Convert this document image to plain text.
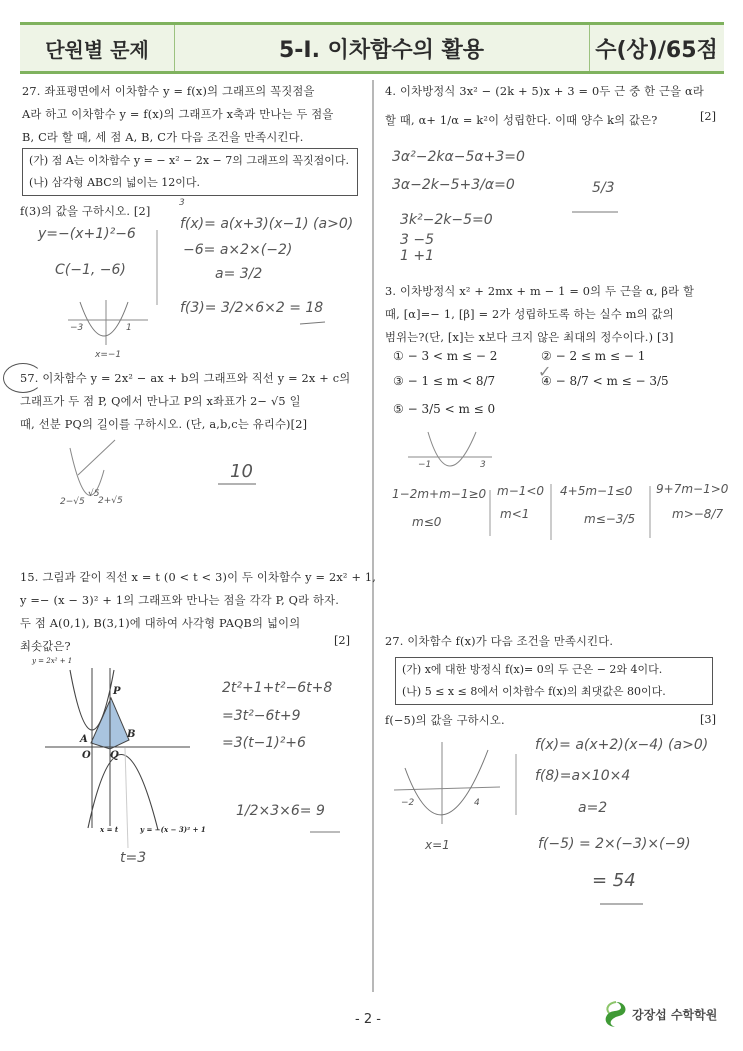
단원별 문제	5-I. 이차함수의 활용	수(상)/65점

27. 좌표평면에서 이차함수 y = f(x)의 그래프의 꼭짓점을

A라 하고 이차함수 y = f(x)의 그래프가 x축과 만나는 두 점을

B, C라 할 때, 세 점 A, B, C가 다음 조건을 만족시킨다.

(가) 점 A는 이차함수 y = − x² − 2x − 7의 그래프의 꼭짓점이다.

(나) 삼각형 ABC의 넓이는 12이다.

f(3)의 값을 구하시오. [2]

3
y=−(x+1)²−6
C(−1, −6)
f(x)= a(x+3)(x−1) (a>0)
−6= a×2×(−2)
a= 3/2
f(3)= 3/2×6×2 = 18
−3	1
x=−1

57. 이차함수 y = 2x² − ax + b의 그래프와 직선 y = 2x + c의

그래프가 두 점 P, Q에서 만나고 P의 x좌표가 2− √5 일

때, 선분 PQ의 길이를 구하시오. (단, a,b,c는 유리수)[2]

2−√5
√5
2+√5
10

15. 그림과 같이 직선 x = t (0 < t < 3)이 두 이차함수 y = 2x² + 1,

y =− (x − 3)² + 1의 그래프와 만나는 점을 각각 P, Q라 하자.

두 점 A(0,1), B(3,1)에 대하여 사각형 PAQB의 넓이의

최솟값은?	[2]
y = 2x² + 1
x = t	y = −(x − 3)² + 1
P
A	B
O Q
2t²+1+t²−6t+8
=3t²−6t+9
=3(t−1)²+6
1/2×3×6= 9
t=3

4. 이차방정식 3x² − (2k + 5)x + 3 = 0두 근 중 한 근을 α라

할 때, α+ 1/α = k²이 성립한다. 이때 양수 k의 값은?	[2]
3α²−2kα−5α+3=0
3α−2k−5+3/α=0
3k²−2k−5=0
3 −5
1 +1
5/3

3. 이차방정식 x² + 2mx + m − 1 = 0의 두 근을 α, β라 할

때, [α]=− 1, [β] = 2가 성립하도록 하는 실수 m의 값의

범위는?(단, [x]는 x보다 크지 않은 최대의 정수이다.) [3]

① − 3 < m ≤ − 2	② − 2 ≤ m ≤ − 1
③ − 1 ≤ m < 8/7	④ − 8/7 < m ≤ − 3/5
⑤ − 3/5 < m ≤ 0
✓
−1	3
1−2m+m−1≥0
m≤0
m−1<0
m<1
4+5m−1≤0
m≤−3/5
9+7m−1>0
m>−8/7

27. 이차함수 f(x)가 다음 조건을 만족시킨다.

(가) x에 대한 방정식 f(x)= 0의 두 근은 − 2와 4이다.

(나) 5 ≤ x ≤ 8에서 이차함수 f(x)의 최댓값은 80이다.

f(−5)의 값을 구하시오.	[3]
−2	4
x=1
f(x)= a(x+2)(x−4) (a>0)
f(8)=a×10×4
a=2
f(−5) = 2×(−3)×(−9)
= 54
- 2 -	강장섭 수학학원
